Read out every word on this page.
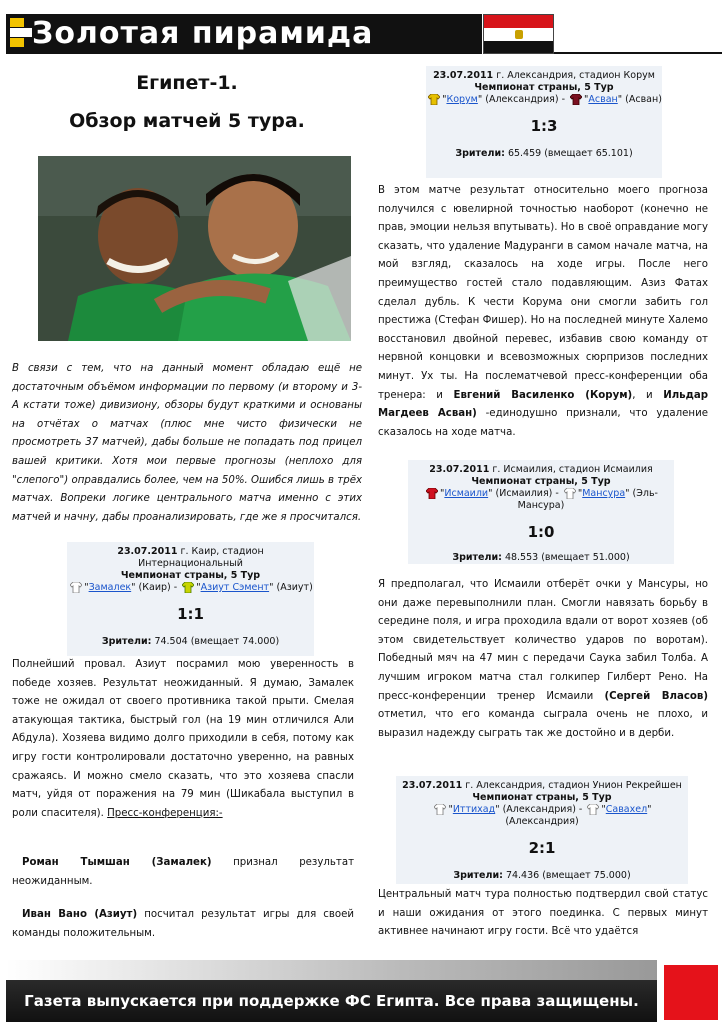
Золотая пирамида
Египет-1.
Обзор матчей 5 тура.

В связи с тем, что на данный момент обладаю ещё не достаточным объёмом информации по первому (и второму и 3-А кстати тоже) дивизиону, обзоры будут краткими и основаны на отчётах о матчах (плюс мне чисто физически не просмотреть 37 матчей), дабы больше не попадать под прицел вашей критики. Хотя мои первые прогнозы (неплохо для "слепого") оправдались более, чем на 50%. Ошибся лишь в трёх матчах. Вопреки логике центрального матча именно с этих матчей и начну, дабы проанализировать, где же я просчитался.

23.07.2011 г. Каир, стадион Интернациональный
Чемпионат страны, 5 Тур
"Замалек" (Каир) - "Азиут Сэмент" (Азиут)
1:1
Зрители: 74.504 (вмещает 74.000)

Полнейший провал. Азиут посрамил мою уверенность в победе хозяев. Результат неожиданный. Я думаю, Замалек тоже не ожидал от своего противника такой прыти. Смелая атакующая тактика, быстрый гол (на 19 мин отличился Али Абдула). Хозяева видимо долго приходили в себя, потому как игру гости контролировали достаточно уверенно, на равных сражаясь. И можно смело сказать, что это хозяева спасли матч, уйдя от поражения на 79 мин (Шикабала выступил в роли спасителя). Пресс-конференция:-

Роман Тымшан (Замалек) признал результат неожиданным.

Иван Вано (Азиут) посчитал результат игры для своей команды положительным.

23.07.2011 г. Александрия, стадион Корум
Чемпионат страны, 5 Тур
"Корум" (Александрия) - "Асван" (Асван)
1:3
Зрители: 65.459 (вмещает 65.101)

В этом матче результат относительно моего прогноза получился с ювелирной точностью наоборот (конечно не прав, эмоции нельзя впутывать). Но в своё оправдание могу сказать, что удаление Мадуранги в самом начале матча, на мой взгляд, сказалось на ходе игры. После него преимущество гостей стало подавляющим. Азиз Фатах сделал дубль. К чести Корума они смогли забить гол престижа (Стефан Фишер). Но на последней минуте Халемо восстановил двойной перевес, избавив свою команду от нервной концовки и всевозможных сюрпризов последних минут. Ух ты. На послематчевой пресс-конференции оба тренера: и Евгений Василенко (Корум), и Ильдар Магдеев Асван) -единодушно признали, что удаление сказалось на ходе матча.

23.07.2011 г. Исмаилия, стадион Исмаилия
Чемпионат страны, 5 Тур
"Исмаили" (Исмаилия) - "Мансура" (Эль-Мансура)
1:0
Зрители: 48.553 (вмещает 51.000)

Я предполагал, что Исмаили отберёт очки у Мансуры, но они даже перевыполнили план. Смогли навязать борьбу в середине поля, и игра проходила вдали от ворот хозяев (об этом свидетельствует количество ударов по воротам). Победный мяч на 47 мин с передачи Саука забил Толба. А лучшим игроком матча стал голкипер Гилберт Рено. На пресс-конференции тренер Исмаили (Сергей Власов) отметил, что его команда сыграла очень не плохо, и выразил надежду сыграть так же достойно и в дерби.

23.07.2011 г. Александрия, стадион Унион Рекрейшен
Чемпионат страны, 5 Тур
"Иттихад" (Александрия) - "Савахел" (Александрия)
2:1
Зрители: 74.436 (вмещает 75.000)

Центральный матч тура полностью подтвердил свой статус и наши ожидания от этого поединка. С первых минут активнее начинают игру гости. Всё что удаётся

Газета выпускается при поддержке ФС Египта. Все права защищены.
